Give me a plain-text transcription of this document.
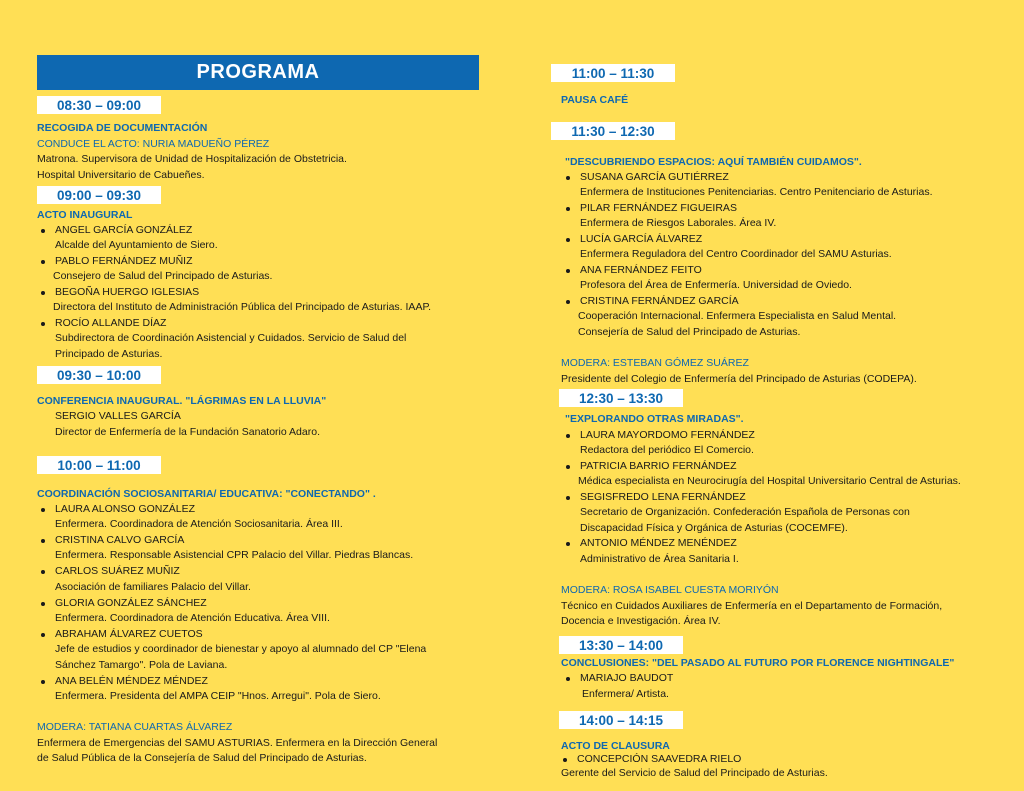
PROGRAMA
08:30 – 09:00
RECOGIDA DE DOCUMENTACIÓN
CONDUCE EL ACTO: NURIA MADUEÑO PÉREZ
Matrona. Supervisora de Unidad de Hospitalización de Obstetricia.
Hospital Universitario de Cabueñes.
09:00 – 09:30
ACTO INAUGURAL
ANGEL GARCÍA GONZÁLEZ
Alcalde del Ayuntamiento de Siero.
PABLO FERNÁNDEZ MUÑIZ
Consejero de Salud del Principado de Asturias.
BEGOÑA HUERGO IGLESIAS
Directora del Instituto de Administración Pública del Principado de Asturias. IAAP.
ROCÍO ALLANDE DÍAZ
Subdirectora de Coordinación Asistencial y Cuidados. Servicio de Salud del
Principado de Asturias.
09:30 – 10:00
CONFERENCIA INAUGURAL. "LÁGRIMAS EN LA LLUVIA"
SERGIO VALLES GARCÍA
Director de Enfermería de la Fundación Sanatorio Adaro.
10:00 – 11:00
COORDINACIÓN SOCIOSANITARIA/ EDUCATIVA: "CONECTANDO" .
LAURA ALONSO GONZÁLEZ
Enfermera. Coordinadora de Atención Sociosanitaria. Área III.
CRISTINA CALVO GARCÍA
Enfermera. Responsable Asistencial CPR Palacio del Villar. Piedras Blancas.
CARLOS SUÁREZ MUÑIZ
Asociación de familiares Palacio del Villar.
GLORIA GONZÁLEZ SÁNCHEZ
Enfermera. Coordinadora de Atención Educativa. Área VIII.
ABRAHAM ÁLVAREZ CUETOS
Jefe de estudios y coordinador de bienestar y apoyo al alumnado del CP "Elena
Sánchez Tamargo". Pola de Laviana.
ANA BELÉN MÉNDEZ MÉNDEZ
Enfermera. Presidenta del AMPA CEIP "Hnos. Arregui". Pola de Siero.
MODERA: TATIANA CUARTAS ÁLVAREZ
Enfermera de Emergencias del SAMU ASTURIAS. Enfermera en la Dirección General
de Salud Pública de la Consejería de Salud del Principado de Asturias.
11:00 – 11:30
PAUSA CAFÉ
11:30 – 12:30
"DESCUBRIENDO ESPACIOS: AQUÍ TAMBIÉN CUIDAMOS".
SUSANA GARCÍA GUTIÉRREZ
Enfermera de Instituciones Penitenciarias. Centro Penitenciario de Asturias.
PILAR FERNÁNDEZ FIGUEIRAS
Enfermera de Riesgos Laborales. Área IV.
LUCÍA GARCÍA ÁLVAREZ
Enfermera Reguladora del Centro Coordinador del SAMU Asturias.
ANA FERNÁNDEZ FEITO
Profesora del Área de Enfermería. Universidad de Oviedo.
CRISTINA FERNÁNDEZ GARCÍA
Cooperación Internacional. Enfermera Especialista en Salud Mental.
Consejería de Salud del Principado de Asturias.
MODERA: ESTEBAN GÓMEZ SUÁREZ
Presidente del Colegio de Enfermería del Principado de Asturias (CODEPA).
12:30 – 13:30
"EXPLORANDO OTRAS MIRADAS".
LAURA MAYORDOMO FERNÁNDEZ
Redactora del periódico El Comercio.
PATRICIA BARRIO FERNÁNDEZ
Médica especialista en Neurocirugía del Hospital Universitario Central de Asturias.
SEGISFREDO LENA FERNÁNDEZ
Secretario de Organización. Confederación Española de Personas con
Discapacidad Física y Orgánica de Asturias (COCEMFE).
ANTONIO MÉNDEZ MENÉNDEZ
Administrativo de Área Sanitaria I.
MODERA: ROSA ISABEL CUESTA MORIYÓN
Técnico en Cuidados Auxiliares de Enfermería en el Departamento de Formación,
Docencia e Investigación. Área IV.
13:30 – 14:00
CONCLUSIONES: "DEL PASADO AL FUTURO POR FLORENCE NIGHTINGALE"
MARIAJO BAUDOT
Enfermera/ Artista.
14:00 – 14:15
ACTO DE CLAUSURA
CONCEPCIÓN SAAVEDRA RIELO
Gerente del Servicio de Salud del Principado de Asturias.
